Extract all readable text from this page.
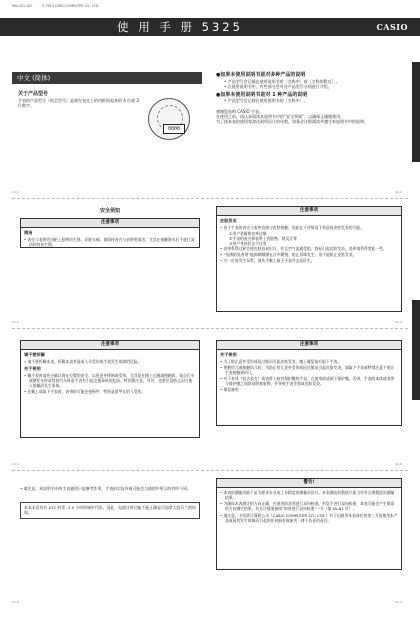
MA1201-CkC	© 2013 CASIO COMPUTER CO., LTD.
使 用 手 册 5325	CASIO
中文 (简体)
关于产品型号
手表的产品型号（机芯型号）是刻在表壳上的用框围起来的 4 位或 3 位数字。
0000
Ck-1
●如果本使用说明书是对多种产品的说明
• 产品型号会记载在使用说明书的［名称中］或［名称的附近］。
• 在使用说明书中，有些部分会对各产品型号分别进行介绍。
●如果本使用说明书是对 1 种产品的说明
• 产品型号会记载在使用说明书的［名称中］。
感谢您选购 CASIO 手表。
在使用之前，请认真阅读本说明书中的“安全须知”，以确保正确地使用。
为了使本表的使用寿命达到所设计的年数，请务必详细阅读并遵守本说明书中的说明。
Ck-1
安全须知
注意事项
清洁
• 表壳与表带会因粘上脏物而生锈、弄脏衣袖。请保持表壳与表带的清洁，尤其在接触海水后不进行清洁则容易生锈。
Ck-2
注意事项
皮肤发炎
• 由于手表的表壳与表带直接与皮肤接触，因此在下述情况下有造成皮肤发炎的可能。
①用户金属和皮革过敏
②手表的表壳和表带上有脏物、锈及汗等
③用户身体状态不佳等
• 表带系得过紧会使皮肤容易出汗，并且空气流通受阻，容易引起皮肤发炎。表带请系得宽松一些。
• “抗菌防臭表带”能抑制细菌在汗中繁殖，防止异味发生，但不能防止皮肤发炎。
• 万一皮肤发生异常，请从手腕上取下手表并去看医生。
Ck-3
注意事项
请不要拆解
• 请不要拆解本表。拆解本表有造成人员受伤或手表发生故障的危险。
关于使用
• 戴手表时请充分确认周在位置的安全。以免意外摔倒或受伤。尤其是在路上长跑或慢跑时、骑自行车或摩托车时或驾驶汽车时看手表有引起交通事故的危险。特别要注意，另外，也要注意防止因与他人接触而发生事故。
• 在戴上或取下手表时，表带扣可能会使指甲、特别是留甲长的人受伤。
Ck-4
注意事项
关于使用
• 为了防止意外受伤或因过敏而引起皮肤发炎，晚上睡觉前应取下手表。
• 要抱幼儿或接触幼儿时，为防止幼儿意外受伤或因过敏而引起皮肤发炎，请取下手表或特别注意不要让手表接触到幼儿。
• 对于本体（包含表壳）或表带上粘有保护膜的手表，在使用前请剥下保护膜。否则，手表的本体或表带与保护膜之间容易附着脏物，并导致手表生锈或皮肤发炎。
• 保留备用
Ck-5
• 请注意，本说明书中的手表插图只起参考作用，手表的实际外观可能会与插图中所示的有所不同。
本表未设对应 UTC 时差 -3.5 小时的城市代码，因此，电波计时功能不能正确显示加拿大纽芬兰的时间。
Ck-6
警告!
• 本表的测量功能不是为要求专业或工业精度的测量而设计。本表测出的数值只能当作有合理精度的测量结果。
• 为确保本表测定的方向正确，在使用前必须进行双向校准。若您不进行双向校准，本表可能会产生错误的方向测定结果。有关详情请参阅“如何进行双向校准”一节（第 Ck-61 页）。
• 请注意，卡西欧计算机公司（CASIO COMPUTER CO., LTD.）对于因使用本表或任何第三方因使用本产品或因其发生故障而引起的任何损害或损失一律不负任何责任。
Ck-7
